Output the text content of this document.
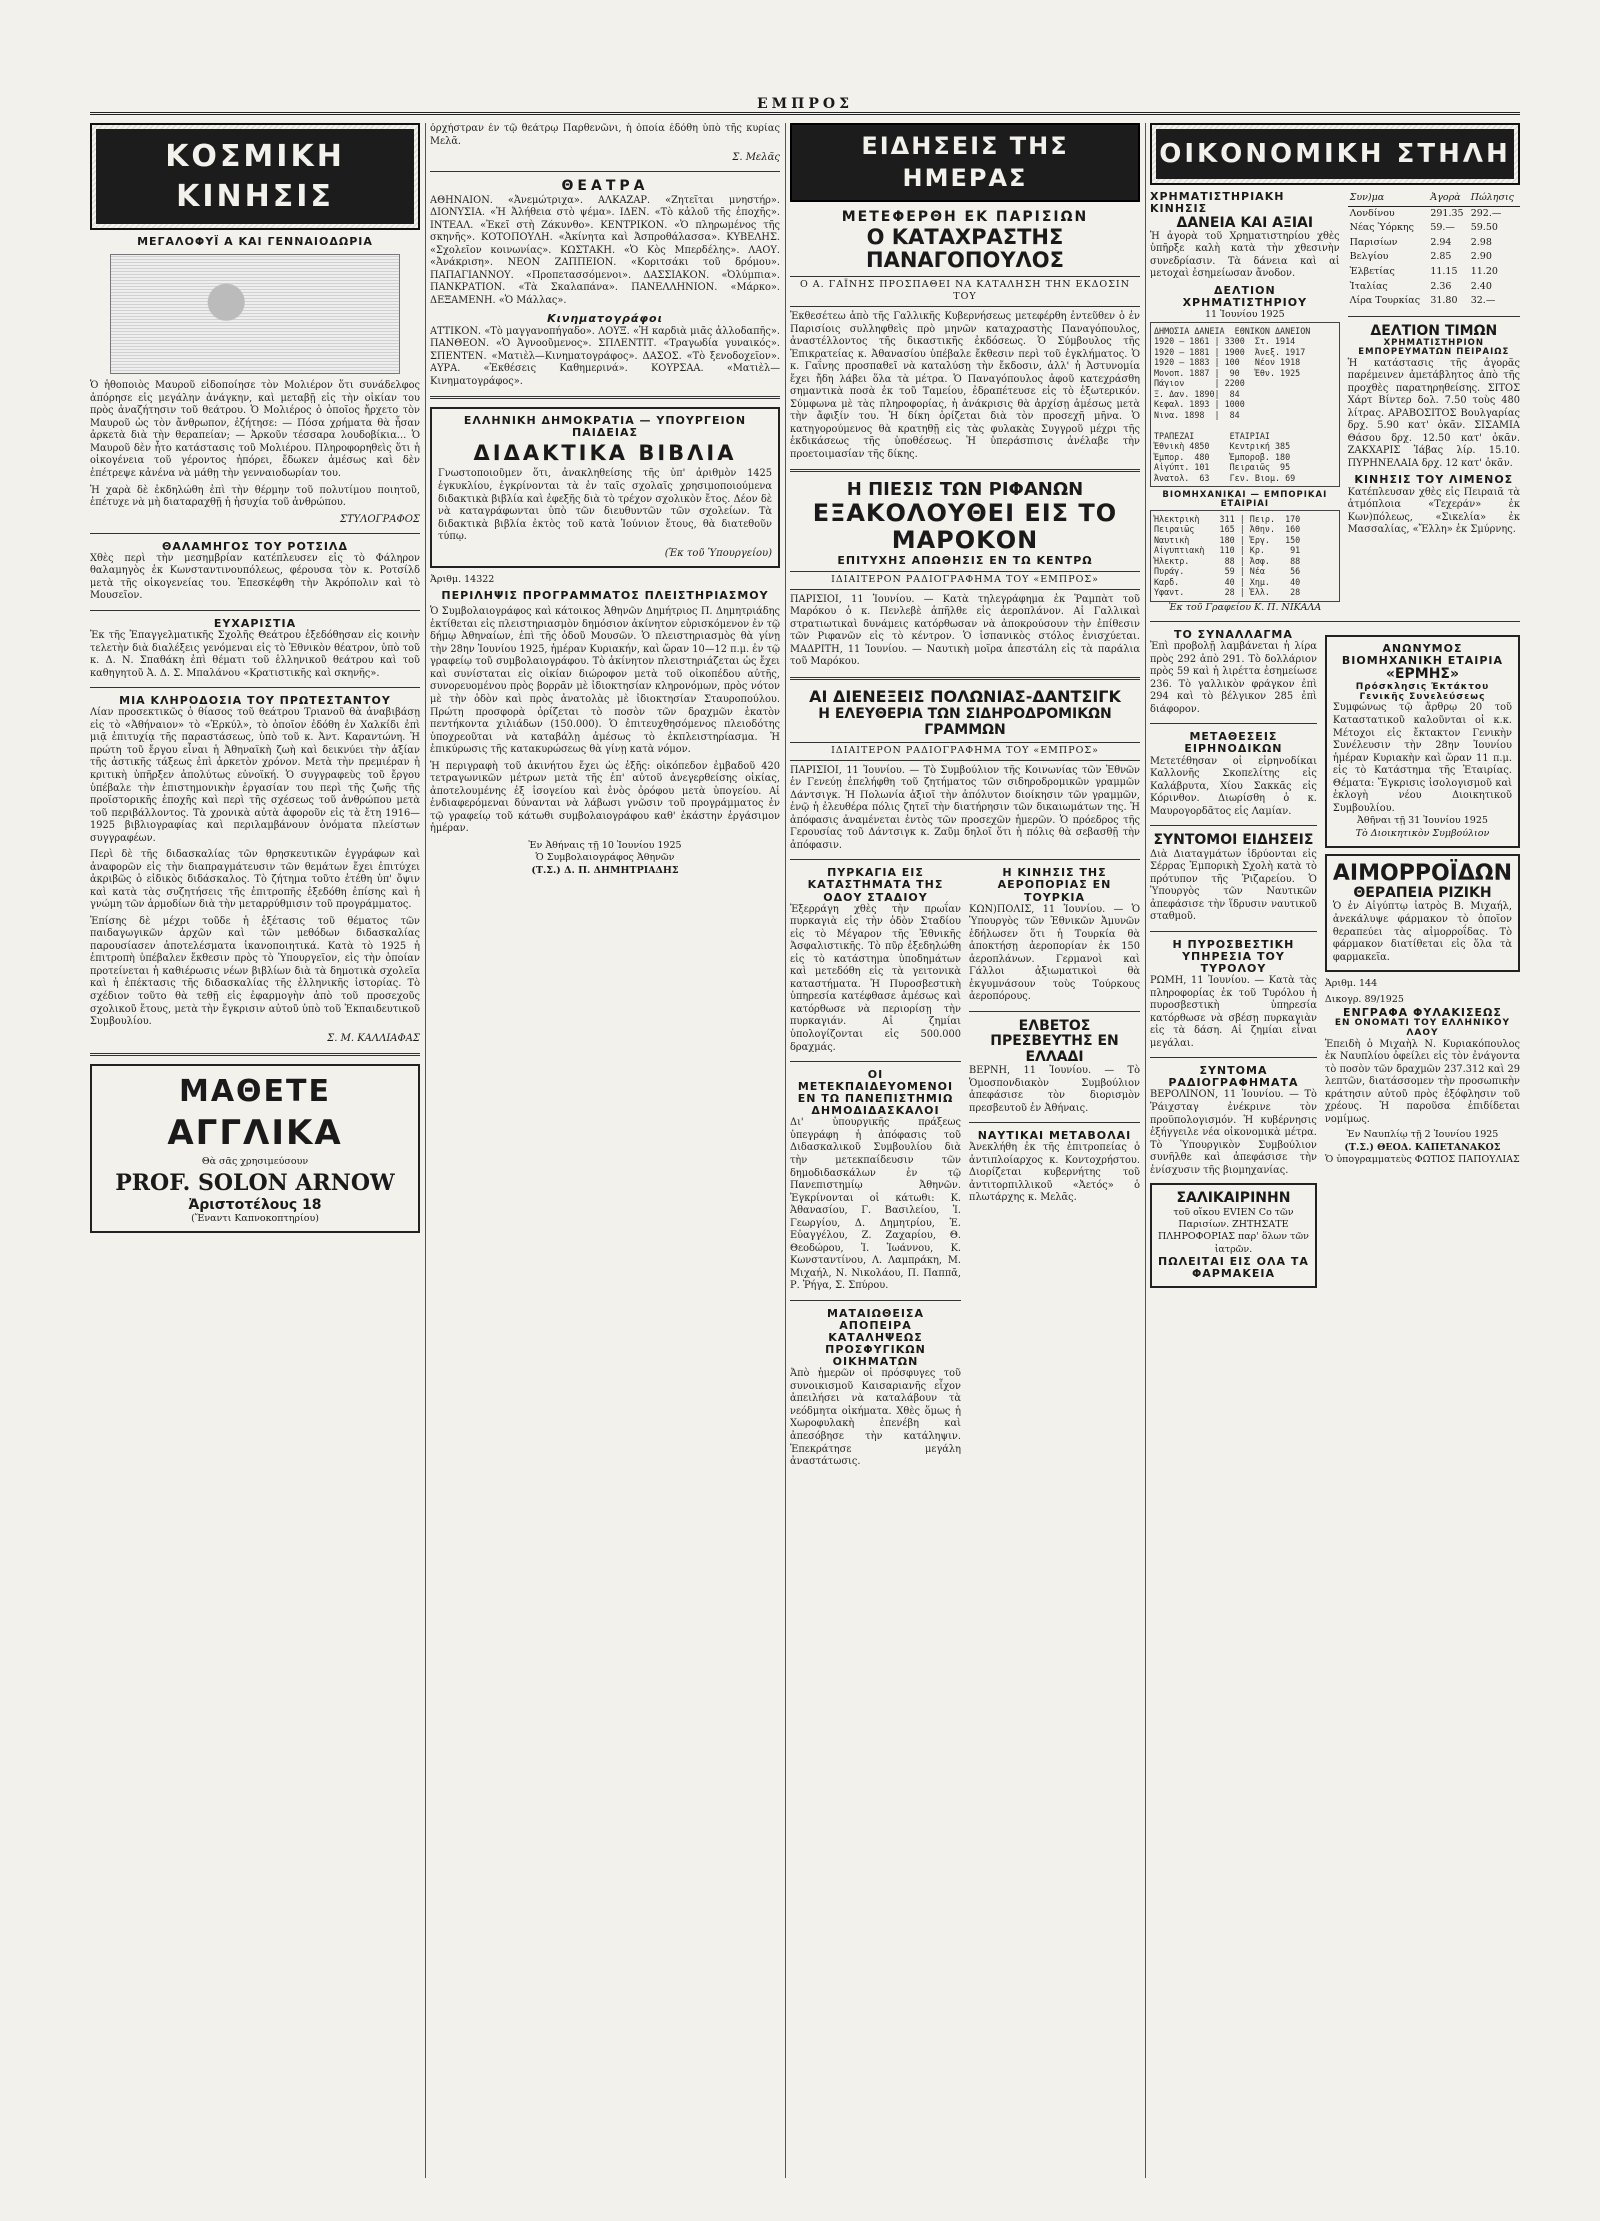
ΕΜΠΡΟΣ
ΚΟΣΜΙΚΗ ΚΙΝΗΣΙΣ
ΜΕΓΑΛΟΦΥΪ Α ΚΑΙ ΓΕΝΝΑΙΟΔΩΡΙΑ

Ὁ ἡθοποιὸς Μαυροῦ εἰδοποίησε τὸν Μολιέρον ὅτι συνάδελφος ἀπόρησε εἰς μεγάλην ἀνάγκην, καὶ μεταβῇ εἰς τὴν οἰκίαν του πρὸς ἀναζήτησιν τοῦ θεάτρου. Ὁ Μολιέρος ὁ ὁποῖος ἤρχετο τὸν Μαυροῦ ὡς τὸν ἄνθρωπον, ἐζήτησε: — Πόσα χρήματα θὰ ἦσαν ἀρκετὰ διὰ τὴν θεραπείαν; — Ἀρκοῦν τέσσαρα λουδοβίκια... Ὁ Μαυροῦ δὲν ἦτο κατάστασις τοῦ Μολιέρου. Πληροφορηθεὶς ὅτι ἡ οἰκογένεια τοῦ γέροντος ἠπόρει, ἔδωκεν ἀμέσως καὶ δὲν ἐπέτρεψε κἀνένα νὰ μάθῃ τὴν γενναιοδωρίαν του.

Ἡ χαρὰ δὲ ἐκδηλώθη ἐπὶ τὴν θέρμην τοῦ πολυτίμου ποιητοῦ, ἐπέτυχε νὰ μὴ διαταραχθῇ ἡ ἡσυχία τοῦ ἀνθρώπου.

ΣΤΥΛΟΓΡΑΦΟΣ
ΘΑΛΑΜΗΓΟΣ ΤΟΥ ΡΟΤΣΙΛΔ

Χθὲς περὶ τὴν μεσημβρίαν κατέπλευσεν εἰς τὸ Φάληρον θαλαμηγὸς ἐκ Κωνσταντινουπόλεως, φέρουσα τὸν κ. Ροτσίλδ μετὰ τῆς οἰκογενείας του. Ἐπεσκέφθη τὴν Ἀκρόπολιν καὶ τὸ Μουσεῖον.

ΕΥΧΑΡΙΣΤΙΑ

Ἐκ τῆς Ἐπαγγελματικῆς Σχολῆς Θεάτρου ἐξεδόθησαν εἰς κοινὴν τελετὴν διὰ διαλέξεις γενόμεναι εἰς τὸ Ἐθνικὸν θέατρον, ὑπὸ τοῦ κ. Δ. Ν. Σπαθάκη ἐπὶ θέματι τοῦ ἑλληνικοῦ θεάτρου καὶ τοῦ καθηγητοῦ Ἀ. Δ. Σ. Μπαλάνου «Κρατιστικῆς καὶ σκηνῆς».

ΜΙΑ ΚΛΗΡΟΔΟΣΙΑ ΤΟΥ ΠΡΩΤΕΣΤΑΝΤΟΥ

Λίαν προσεκτικῶς ὁ θίασος τοῦ θεάτρου Τριανοῦ θὰ ἀναβιβάσῃ εἰς τὸ «Ἀθήναιον» τὸ «Ἑρκύλ», τὸ ὁποῖον ἐδόθη ἐν Χαλκίδι ἐπὶ μιᾷ ἐπιτυχίᾳ τῆς παραστάσεως, ὑπὸ τοῦ κ. Ἀντ. Καραντώνη. Ἡ πρώτη τοῦ ἔργου εἶναι ἡ Ἀθηναϊκὴ ζωὴ καὶ δεικνύει τὴν ἀξίαν τῆς ἀστικῆς τάξεως ἐπὶ ἀρκετὸν χρόνον. Μετὰ τὴν πρεμιέραν ἡ κριτικὴ ὑπῆρξεν ἀπολύτως εὐνοϊκή. Ὁ συγγραφεὺς τοῦ ἔργου ὑπέβαλε τὴν ἐπιστημονικὴν ἐργασίαν του περὶ τῆς ζωῆς τῆς προϊστορικῆς ἐποχῆς καὶ περὶ τῆς σχέσεως τοῦ ἀνθρώπου μετὰ τοῦ περιβάλλοντος. Τὰ χρονικὰ αὐτὰ ἀφοροῦν εἰς τὰ ἔτη 1916—1925 βιβλιογραφίας καὶ περιλαμβάνουν ὀνόματα πλείστων συγγραφέων.

Περὶ δὲ τῆς διδασκαλίας τῶν θρησκευτικῶν ἐγγράφων καὶ ἀναφορῶν εἰς τὴν διαπραγμάτευσιν τῶν θεμάτων ἔχει ἐπιτύχει ἀκριβῶς ὁ εἰδικὸς διδάσκαλος. Τὸ ζήτημα τοῦτο ἐτέθη ὑπ' ὄψιν καὶ κατὰ τὰς συζητήσεις τῆς ἐπιτροπῆς ἐξεδόθη ἐπίσης καὶ ἡ γνώμη τῶν ἁρμοδίων διὰ τὴν μεταρρύθμισιν τοῦ προγράμματος.

Ἐπίσης δὲ μέχρι τοῦδε ἡ ἐξέτασις τοῦ θέματος τῶν παιδαγωγικῶν ἀρχῶν καὶ τῶν μεθόδων διδασκαλίας παρουσίασεν ἀποτελέσματα ἱκανοποιητικά. Κατὰ τὸ 1925 ἡ ἐπιτροπὴ ὑπέβαλεν ἔκθεσιν πρὸς τὸ Ὑπουργεῖον, εἰς τὴν ὁποίαν προτείνεται ἡ καθιέρωσις νέων βιβλίων διὰ τὰ δημοτικὰ σχολεῖα καὶ ἡ ἐπέκτασις τῆς διδασκαλίας τῆς ἑλληνικῆς ἱστορίας. Τὸ σχέδιον τοῦτο θὰ τεθῇ εἰς ἐφαρμογὴν ἀπὸ τοῦ προσεχοῦς σχολικοῦ ἔτους, μετὰ τὴν ἔγκρισιν αὐτοῦ ὑπὸ τοῦ Ἐκπαιδευτικοῦ Συμβουλίου.

Σ. Μ. ΚΑΛΛΙΑΦΑΣ
ΜΑΘΕΤΕ
ΑΓΓΛΙΚΑ
Θὰ σᾶς χρησιμεύσουν
PROF. SOLON ARNOW
Ἀριστοτέλους 18
(Ἔναντι Καπνοκοπτηρίου)

ὀρχήστραν ἐν τῷ θεάτρῳ Παρθενῶνι, ἡ ὁποία ἐδόθη ὑπὸ τῆς κυρίας Μελᾶ.

Σ. Μελᾶς
ΘΕΑΤΡΑ

ΑΘΗΝΑΙΟΝ. «Ἀνεμώτριχα». ΑΛΚΑΖΑΡ. «Ζητεῖται μνηστήρ». ΔΙΟΝΥΣΙΑ. «Ἡ Ἀλήθεια στὸ ψέμα». ΙΔΕΝ. «Τὸ κἀλοῦ τῆς ἐποχῆς». ΙΝΤΕΑΛ. «Ἐκεῖ στὴ Ζάκυνθο». ΚΕΝΤΡΙΚΟΝ. «Ὁ πληρωμένος τῆς σκηνῆς». ΚΟΤΟΠΟΥΛΗ. «Ἀκίνητα καὶ Ἀσπροθάλασσα». ΚΥΒΕΛΗΣ. «Σχολεῖον κοινωνίας». ΚΩΣΤΑΚΗ. «Ὁ Κὸς Μπερδέλης». ΛΑΟΥ. «Ἀνάκριση». ΝΕΟΝ ΖΑΠΠΕΙΟΝ. «Κοριτσάκι τοῦ δρόμου». ΠΑΠΑΓΙΑΝΝΟΥ. «Προπετασσόμενοι». ΔΑΣΣΙΑΚΟΝ. «Ὀλύμπια». ΠΑΝΚΡΑΤΙΟΝ. «Τὰ Σκαλαπάνα». ΠΑΝΕΛΛΗΝΙΟΝ. «Μάρκο». ΔΕΞΑΜΕΝΗ. «Ὁ Μάλλας».

Κινηματογράφοι

ΑΤΤΙΚΟΝ. «Τὸ μαγγανοπήγαδο». ΛΟΥΞ. «Ἡ καρδιὰ μιᾶς ἀλλοδαπῆς». ΠΑΝΘΕΟΝ. «Ὁ Ἀγνοοῦμενος». ΣΠΛΕΝΤΙΤ. «Τραγωδία γυναικός». ΣΠΕΝΤΕΝ. «Ματιὲλ—Κινηματογράφος». ΔΑΣΟΣ. «Τὸ ξενοδοχεῖον». ΑΥΡΑ. «Ἐκθέσεις Καθημερινά». ΚΟΥΡΣΑΑ. «Ματιὲλ—Κινηματογράφος».

ΕΛΛΗΝΙΚΗ ΔΗΜΟΚΡΑΤΙΑ — ΥΠΟΥΡΓΕΙΟΝ ΠΑΙΔΕΙΑΣ
ΔΙΔΑΚΤΙΚΑ ΒΙΒΛΙΑ

Γνωστοποιοῦμεν ὅτι, ἀνακληθείσης τῆς ὑπ' ἀριθμὸν 1425 ἐγκυκλίου, ἐγκρίνονται τὰ ἐν ταῖς σχολαῖς χρησιμοποιούμενα διδακτικὰ βιβλία καὶ ἐφεξῆς διὰ τὸ τρέχον σχολικὸν ἔτος. Δέον δὲ νὰ καταγράφωνται ὑπὸ τῶν διευθυντῶν τῶν σχολείων. Τὰ διδακτικὰ βιβλία ἐκτὸς τοῦ κατὰ Ἰούνιον ἔτους, θὰ διατεθοῦν τύπῳ.

(Ἐκ τοῦ Ὑπουργείου)
Ἀριθμ. 14322
ΠΕΡΙΛΗΨΙΣ ΠΡΟΓΡΑΜΜΑΤΟΣ ΠΛΕΙΣΤΗΡΙΑΣΜΟΥ

Ὁ Συμβολαιογράφος καὶ κάτοικος Ἀθηνῶν Δημήτριος Π. Δημητριάδης ἐκτίθεται εἰς πλειστηριασμὸν δημόσιον ἀκίνητον εὑρισκόμενον ἐν τῷ δήμῳ Ἀθηναίων, ἐπὶ τῆς ὁδοῦ Μουσῶν. Ὁ πλειστηριασμὸς θὰ γίνῃ τὴν 28ην Ἰουνίου 1925, ἡμέραν Κυριακήν, καὶ ὥραν 10—12 π.μ. ἐν τῷ γραφείῳ τοῦ συμβολαιογράφου. Τὸ ἀκίνητον πλειστηριάζεται ὡς ἔχει καὶ συνίσταται εἰς οἰκίαν διώροφον μετὰ τοῦ οἰκοπέδου αὐτῆς, συνορευομένου πρὸς βορρᾶν μὲ ἰδιοκτησίαν κληρονόμων, πρὸς νότον μὲ τὴν ὁδὸν καὶ πρὸς ἀνατολὰς μὲ ἰδιοκτησίαν Σταυροπούλου. Πρώτη προσφορὰ ὁρίζεται τὸ ποσὸν τῶν δραχμῶν ἑκατὸν πεντήκοντα χιλιάδων (150.000). Ὁ ἐπιτευχθησόμενος πλειοδότης ὑποχρεοῦται νὰ καταβάλῃ ἀμέσως τὸ ἐκπλειστηρίασμα. Ἡ ἐπικύρωσις τῆς κατακυρώσεως θὰ γίνῃ κατὰ νόμον.

Ἡ περιγραφὴ τοῦ ἀκινήτου ἔχει ὡς ἑξῆς: οἰκόπεδον ἐμβαδοῦ 420 τετραγωνικῶν μέτρων μετὰ τῆς ἐπ' αὐτοῦ ἀνεγερθείσης οἰκίας, ἀποτελουμένης ἐξ ἰσογείου καὶ ἑνὸς ὀρόφου μετὰ ὑπογείου. Αἱ ἐνδιαφερόμεναι δύνανται νὰ λάβωσι γνῶσιν τοῦ προγράμματος ἐν τῷ γραφείῳ τοῦ κάτωθι συμβολαιογράφου καθ' ἑκάστην ἐργάσιμον ἡμέραν.

Ἐν Ἀθήναις τῇ 10 Ἰουνίου 1925
Ὁ Συμβολαιογράφος Ἀθηνῶν
(Τ.Σ.) Δ. Π. ΔΗΜΗΤΡΙΑΔΗΣ
ΕΙΔΗΣΕΙΣ ΤΗΣ ΗΜΕΡΑΣ
ΜΕΤΕΦΕΡΘΗ ΕΚ ΠΑΡΙΣΙΩΝ
Ο ΚΑΤΑΧΡΑΣΤΗΣ ΠΑΝΑΓΟΠΟΥΛΟΣ
Ο Α. ΓΑΪΝΗΣ ΠΡΟΣΠΑΘΕΙ ΝΑ ΚΑΤΑΛΗΣΗ ΤΗΝ ΕΚΔΟΣΙΝ ΤΟΥ

Ἐκθεσέτεω ἀπὸ τῆς Γαλλικῆς Κυβερνήσεως μετεφέρθη ἐντεῦθεν ὁ ἐν Παρισίοις συλληφθεὶς πρὸ μηνῶν καταχραστὴς Παναγόπουλος, ἀναστέλλοντος τῆς δικαστικῆς ἐκδόσεως. Ὁ Σύμβουλος τῆς Ἐπικρατείας κ. Ἀθανασίου ὑπέβαλε ἔκθεσιν περὶ τοῦ ἐγκλήματος. Ὁ κ. Γαΐνης προσπαθεῖ νὰ καταλύσῃ τὴν ἔκδοσιν, ἀλλ' ἡ Ἀστυνομία ἔχει ἤδη λάβει ὅλα τὰ μέτρα. Ὁ Παναγόπουλος ἀφοῦ κατεχράσθη σημαντικὰ ποσὰ ἐκ τοῦ Ταμείου, ἐδραπέτευσε εἰς τὸ ἐξωτερικόν. Σύμφωνα μὲ τὰς πληροφορίας, ἡ ἀνάκρισις θὰ ἀρχίσῃ ἀμέσως μετὰ τὴν ἄφιξίν του. Ἡ δίκη ὁρίζεται διὰ τὸν προσεχῆ μῆνα. Ὁ κατηγορούμενος θὰ κρατηθῇ εἰς τὰς φυλακὰς Συγγροῦ μέχρι τῆς ἐκδικάσεως τῆς ὑποθέσεως. Ἡ ὑπεράσπισις ἀνέλαβε τὴν προετοιμασίαν τῆς δίκης.

Η ΠΙΕΣΙΣ ΤΩΝ ΡΙΦΑΝΩΝ
ΕΞΑΚΟΛΟΥΘΕΙ ΕΙΣ ΤΟ ΜΑΡΟΚΟΝ
ΕΠΙΤΥΧΗΣ ΑΠΩΘΗΣΙΣ ΕΝ ΤΩ ΚΕΝΤΡΩ
ΙΔΙΑΙΤΕΡΟΝ ΡΑΔΙΟΓΡΑΦΗΜΑ ΤΟΥ «ΕΜΠΡΟΣ»

ΠΑΡΙΣΙΟΙ, 11 Ἰουνίου. — Κατὰ τηλεγράφημα ἐκ Ῥαμπὰτ τοῦ Μαρόκου ὁ κ. Πενλεβὲ ἀπῆλθε εἰς ἀεροπλάνον. Αἱ Γαλλικαὶ στρατιωτικαὶ δυνάμεις κατόρθωσαν νὰ ἀποκρούσουν τὴν ἐπίθεσιν τῶν Ριφανῶν εἰς τὸ κέντρον. Ὁ ἱσπανικὸς στόλος ἐνισχύεται. ΜΑΔΡΙΤΗ, 11 Ἰουνίου. — Ναυτικὴ μοῖρα ἀπεστάλη εἰς τὰ παράλια τοῦ Μαρόκου.

ΑΙ ΔΙΕΝΕΞΕΙΣ ΠΟΛΩΝΙΑΣ-ΔΑΝΤΣΙΓΚ
Η ΕΛΕΥΘΕΡΙΑ ΤΩΝ ΣΙΔΗΡΟΔΡΟΜΙΚΩΝ ΓΡΑΜΜΩΝ
ΙΔΙΑΙΤΕΡΟΝ ΡΑΔΙΟΓΡΑΦΗΜΑ ΤΟΥ «ΕΜΠΡΟΣ»

ΠΑΡΙΣΙΟΙ, 11 Ἰουνίου. — Τὸ Συμβούλιον τῆς Κοινωνίας τῶν Ἐθνῶν ἐν Γενεύῃ ἐπελήφθη τοῦ ζητήματος τῶν σιδηροδρομικῶν γραμμῶν Δάντσιγκ. Ἡ Πολωνία ἀξιοῖ τὴν ἀπόλυτον διοίκησιν τῶν γραμμῶν, ἐνῷ ἡ ἐλευθέρα πόλις ζητεῖ τὴν διατήρησιν τῶν δικαιωμάτων της. Ἡ ἀπόφασις ἀναμένεται ἐντὸς τῶν προσεχῶν ἡμερῶν. Ὁ πρόεδρος τῆς Γερουσίας τοῦ Δάντσιγκ κ. Ζαῦμ δηλοῖ ὅτι ἡ πόλις θὰ σεβασθῇ τὴν ἀπόφασιν.

ΠΥΡΚΑΓΙΑ ΕΙΣ ΚΑΤΑΣΤΗΜΑΤΑ ΤΗΣ ΟΔΟΥ ΣΤΑΔΙΟΥ

Ἐξερράγη χθὲς τὴν πρωΐαν πυρκαγιὰ εἰς τὴν ὁδὸν Σταδίου εἰς τὸ Μέγαρον τῆς Ἐθνικῆς Ἀσφαλιστικῆς. Τὸ πῦρ ἐξεδηλώθη εἰς τὸ κατάστημα ὑποδημάτων καὶ μετεδόθη εἰς τὰ γειτονικὰ καταστήματα. Ἡ Πυροσβεστικὴ ὑπηρεσία κατέφθασε ἀμέσως καὶ κατόρθωσε νὰ περιορίσῃ τὴν πυρκαγιάν. Αἱ ζημίαι ὑπολογίζονται εἰς 500.000 δραχμάς.

ΟΙ ΜΕΤΕΚΠΑΙΔΕΥΟΜΕΝΟΙ ΕΝ ΤΩ ΠΑΝΕΠΙΣΤΗΜΙΩ ΔΗΜΟΔΙΔΑΣΚΑΛΟΙ

Δι' ὑπουργικῆς πράξεως ὑπεγράφη ἡ ἀπόφασις τοῦ Διδασκαλικοῦ Συμβουλίου διὰ τὴν μετεκπαίδευσιν τῶν δημοδιδασκάλων ἐν τῷ Πανεπιστημίῳ Ἀθηνῶν. Ἐγκρίνονται οἱ κάτωθι: Κ. Ἀθανασίου, Γ. Βασιλείου, Ἰ. Γεωργίου, Δ. Δημητρίου, Ἐ. Εὐαγγέλου, Ζ. Ζαχαρίου, Θ. Θεοδώρου, Ἰ. Ἰωάννου, Κ. Κωνσταντίνου, Λ. Λαμπράκη, Μ. Μιχαήλ, Ν. Νικολάου, Π. Παππᾶ, Ρ. Ῥήγα, Σ. Σπύρου.

ΜΑΤΑΙΩΘΕΙΣΑ ΑΠΟΠΕΙΡΑ ΚΑΤΑΛΗΨΕΩΣ ΠΡΟΣΦΥΓΙΚΩΝ ΟΙΚΗΜΑΤΩΝ

Ἀπὸ ἡμερῶν οἱ πρόσφυγες τοῦ συνοικισμοῦ Καισαριανῆς εἶχον ἀπειλήσει νὰ καταλάβουν τὰ νεόδμητα οἰκήματα. Χθὲς ὅμως ἡ Χωροφυλακὴ ἐπενέβη καὶ ἀπεσόβησε τὴν κατάληψιν. Ἐπεκράτησε μεγάλη ἀναστάτωσις.

Η ΚΙΝΗΣΙΣ ΤΗΣ ΑΕΡΟΠΟΡΙΑΣ ΕΝ ΤΟΥΡΚΙΑ

ΚΩΝ)ΠΟΛΙΣ, 11 Ἰουνίου. — Ὁ Ὑπουργὸς τῶν Ἐθνικῶν Ἀμυνῶν ἐδήλωσεν ὅτι ἡ Τουρκία θὰ ἀποκτήσῃ ἀεροπορίαν ἐκ 150 ἀεροπλάνων. Γερμανοὶ καὶ Γάλλοι ἀξιωματικοὶ θὰ ἐκγυμνάσουν τοὺς Τούρκους ἀεροπόρους.

ΕΛΒΕΤΟΣ ΠΡΕΣΒΕΥΤΗΣ ΕΝ ΕΛΛΑΔΙ

ΒΕΡΝΗ, 11 Ἰουνίου. — Τὸ Ὁμοσπονδιακὸν Συμβούλιον ἀπεφάσισε τὸν διορισμὸν πρεσβευτοῦ ἐν Ἀθήναις.

ΝΑΥΤΙΚΑΙ ΜΕΤΑΒΟΛΑΙ

Ἀνεκλήθη ἐκ τῆς ἐπιτροπείας ὁ ἀντιπλοίαρχος κ. Κοντοχρήστου. Διορίζεται κυβερνήτης τοῦ ἀντιτορπιλλικοῦ «Ἀετός» ὁ πλωτάρχης κ. Μελᾶς.

ΟΙΚΟΝΟΜΙΚΗ ΣΤΗΛΗ
ΧΡΗΜΑΤΙΣΤΗΡΙΑΚΗ ΚΙΝΗΣΙΣ
ΔΑΝΕΙΑ ΚΑΙ ΑΞΙΑΙ

Ἡ ἀγορὰ τοῦ Χρηματιστηρίου χθὲς ὑπῆρξε καλὴ κατὰ τὴν χθεσινὴν συνεδρίασιν. Τὰ δάνεια καὶ αἱ μετοχαὶ ἐσημείωσαν ἄνοδον.

ΔΕΛΤΙΟΝ ΧΡΗΜΑΤΙΣΤΗΡΙΟΥ
11 Ἰουνίου 1925
ΔΗΜΟΣΙΑ ΔΑΝΕΙΑ  ΕΘΝΙΚΟΝ ΔΑΝΕΙΟΝ
1920 — 1861 | 3300  Στ. 1914
1920 — 1881 | 1900  Ἀνεξ. 1917
1920 — 1883 | 100   Νέον 1918
Μονοπ. 1887 |  90   Ἐθν. 1925
Πάγιον      | 2200
Ξ. Δαν. 1890|  84
Κεφαλ. 1893 | 1000
Νινα. 1898  |  84

ΤΡΑΠΕΖΑΙ       ΕΤΑΙΡΙΑΙ
Ἐθνικὴ 4850    Κεντρική 385
Ἐμπορ.  480    Ἐμποροβ. 180
Αἰγύπτ. 101    Πειραιῶς  95
Ἀνατολ.  63    Γεν. Βιομ. 69
ΒΙΟΜΗΧΑΝΙΚΑΙ — ΕΜΠΟΡΙΚΑΙ ΕΤΑΙΡΙΑΙ
Ἠλεκτρικὴ    311 | Πειρ.  170
Πειραιῶς     165 | Ἀθην.  160
Ναυτικὴ      180 | Ἐργ.   150
Αἰγυπτιακὴ   110 | Κρ.     91
Ἡλεκτρ.       88 | Ἀσφ.    88
Πυράγ.        59 | Νέα     56
Καρδ.         40 | Χημ.    40
Υφαντ.        28 | Ἑλλ.    28
Ἐκ τοῦ Γραφείου Κ. Π. ΝΙΚΑΛΑ
Συν)μα	Ἀγορὰ	Πώλησις
Λονδίνου	291.35	292.—
Νέας Ὑόρκης	59.—	59.50
Παρισίων	2.94	2.98
Βελγίου	2.85	2.90
Ἑλβετίας	11.15	11.20
Ἰταλίας	2.36	2.40
Λίρα Τουρκίας	31.80	32.—
ΔΕΛΤΙΟΝ ΤΙΜΩΝ
ΧΡΗΜΑΤΙΣΤΗΡΙΟΝ ΕΜΠΟΡΕΥΜΑΤΩΝ ΠΕΙΡΑΙΩΣ

Ἡ κατάστασις τῆς ἀγορᾶς παρέμεινεν ἀμετάβλητος ἀπὸ τῆς προχθὲς παρατηρηθείσης. ΣΙΤΟΣ Χάρτ Βίντερ δολ. 7.50 τοὺς 480 λίτρας. ΑΡΑΒΟΣΙΤΟΣ Βουλγαρίας δρχ. 5.90 κατ' ὀκᾶν. ΣΙΣΑΜΙΑ Θάσου δρχ. 12.50 κατ' ὀκᾶν. ΖΑΚΧΑΡΙΣ Ἰάβας λίρ. 15.10. ΠΥΡΗΝΕΛΑΙΑ δρχ. 12 κατ' ὀκᾶν.

ΚΙΝΗΣΙΣ ΤΟΥ ΛΙΜΕΝΟΣ

Κατέπλευσαν χθὲς εἰς Πειραιᾶ τὰ ἀτμόπλοια «Τεχεράν» ἐκ Κων)πόλεως, «Σικελία» ἐκ Μασσαλίας, «Ἔλλη» ἐκ Σμύρνης.

ΤΟ ΣΥΝΑΛΛΑΓΜΑ

Ἐπὶ προβολῇ λαμβάνεται ἡ λίρα πρὸς 292 ἀπὸ 291. Τὸ δολλάριον πρὸς 59 καὶ ἡ λιρέττα ἐσημείωσε 236. Τὸ γαλλικὸν φράγκον ἐπὶ 294 καὶ τὸ βέλγικον 285 ἐπὶ διάφορον.

ΜΕΤΑΘΕΣΕΙΣ ΕΙΡΗΝΟΔΙΚΩΝ

Μετετέθησαν οἱ εἰρηνοδίκαι Καλλονῆς Σκοπελίτης εἰς Καλάβρυτα, Χίου Σακκᾶς εἰς Κόρινθον. Διωρίσθη ὁ κ. Μαυρογορδᾶτος εἰς Λαμίαν.

ΣΥΝΤΟΜΟΙ ΕΙΔΗΣΕΙΣ

Διὰ Διαταγμάτων ἱδρύονται εἰς Σέρρας Ἐμπορικὴ Σχολὴ κατὰ τὸ πρότυπον τῆς Ῥιζαρείου. Ὁ Ὑπουργὸς τῶν Ναυτικῶν ἀπεφάσισε τὴν ἵδρυσιν ναυτικοῦ σταθμοῦ.

Η ΠΥΡΟΣΒΕΣΤΙΚΗ ΥΠΗΡΕΣΙΑ ΤΟΥ ΤΥΡΟΛΟΥ

ΡΩΜΗ, 11 Ἰουνίου. — Κατὰ τὰς πληροφορίας ἐκ τοῦ Τυρόλου ἡ πυροσβεστικὴ ὑπηρεσία κατόρθωσε νὰ σβέσῃ πυρκαγιὰν εἰς τὰ δάση. Αἱ ζημίαι εἶναι μεγάλαι.

ΣΥΝΤΟΜΑ ΡΑΔΙΟΓΡΑΦΗΜΑΤΑ

ΒΕΡΟΛΙΝΟΝ, 11 Ἰουνίου. — Τὸ Ῥάιχσταγ ἐνέκρινε τὸν προϋπολογισμόν. Ἡ κυβέρνησις ἐξήγγειλε νέα οἰκονομικὰ μέτρα. Τὸ Ὑπουργικὸν Συμβούλιον συνῆλθε καὶ ἀπεφάσισε τὴν ἐνίσχυσιν τῆς βιομηχανίας.

ΣΑΛΙΚΑΙΡΙΝΗΝ

τοῦ οἴκου EVIEN Co τῶν Παρισίων. ΖΗΤΗΣΑΤΕ ΠΛΗΡΟΦΟΡΙΑΣ παρ' ὅλων τῶν ἰατρῶν.

ΠΩΛΕΙΤΑΙ ΕΙΣ ΟΛΑ ΤΑ ΦΑΡΜΑΚΕΙΑ
ΑΝΩΝΥΜΟΣ ΒΙΟΜΗΧΑΝΙΚΗ ΕΤΑΙΡΙΑ
«ΕΡΜΗΣ»
Πρόσκλησις Ἐκτάκτου Γενικῆς Συνελεύσεως

Συμφώνως τῷ ἄρθρῳ 20 τοῦ Καταστατικοῦ καλοῦνται οἱ κ.κ. Μέτοχοι εἰς ἔκτακτον Γενικὴν Συνέλευσιν τὴν 28ην Ἰουνίου ἡμέραν Κυριακὴν καὶ ὥραν 11 π.μ. εἰς τὸ Κατάστημα τῆς Ἑταιρίας. Θέματα: Ἔγκρισις ἰσολογισμοῦ καὶ ἐκλογὴ νέου Διοικητικοῦ Συμβουλίου.

Ἀθῆναι τῇ 31 Ἰουνίου 1925
Τὸ Διοικητικὸν Συμβούλιον
ΑΙΜΟΡΡΟΪΔΩΝ
ΘΕΡΑΠΕΙΑ ΡΙΖΙΚΗ

Ὁ ἐν Αἰγύπτῳ ἰατρὸς Β. Μιχαήλ, ἀνεκάλυψε φάρμακον τὸ ὁποῖον θεραπεύει τὰς αἱμορροΐδας. Τὸ φάρμακον διατίθεται εἰς ὅλα τὰ φαρμακεῖα.

Ἀριθμ. 144
Δικογρ. 89/1925
ΕΝΓΡΑΦΑ ΦΥΛΑΚΙΣΕΩΣ
ΕΝ ΟΝΟΜΑΤΙ ΤΟΥ ΕΛΛΗΝΙΚΟΥ ΛΑΟΥ

Ἐπειδὴ ὁ Μιχαὴλ Ν. Κυριακόπουλος ἐκ Ναυπλίου ὀφείλει εἰς τὸν ἐνάγοντα τὸ ποσὸν τῶν δραχμῶν 237.312 καὶ 29 λεπτῶν, διατάσσομεν τὴν προσωπικὴν κράτησιν αὐτοῦ πρὸς ἐξόφλησιν τοῦ χρέους. Ἡ παροῦσα ἐπιδίδεται νομίμως.

Ἐν Ναυπλίῳ τῇ 2 Ἰουνίου 1925
(Τ.Σ.) ΘΕΟΔ. ΚΑΠΕΤΑΝΑΚΟΣ
Ὁ ὑπογραμματεὺς ΦΩΤΙΟΣ ΠΑΠΟΥΛΙΑΣ
